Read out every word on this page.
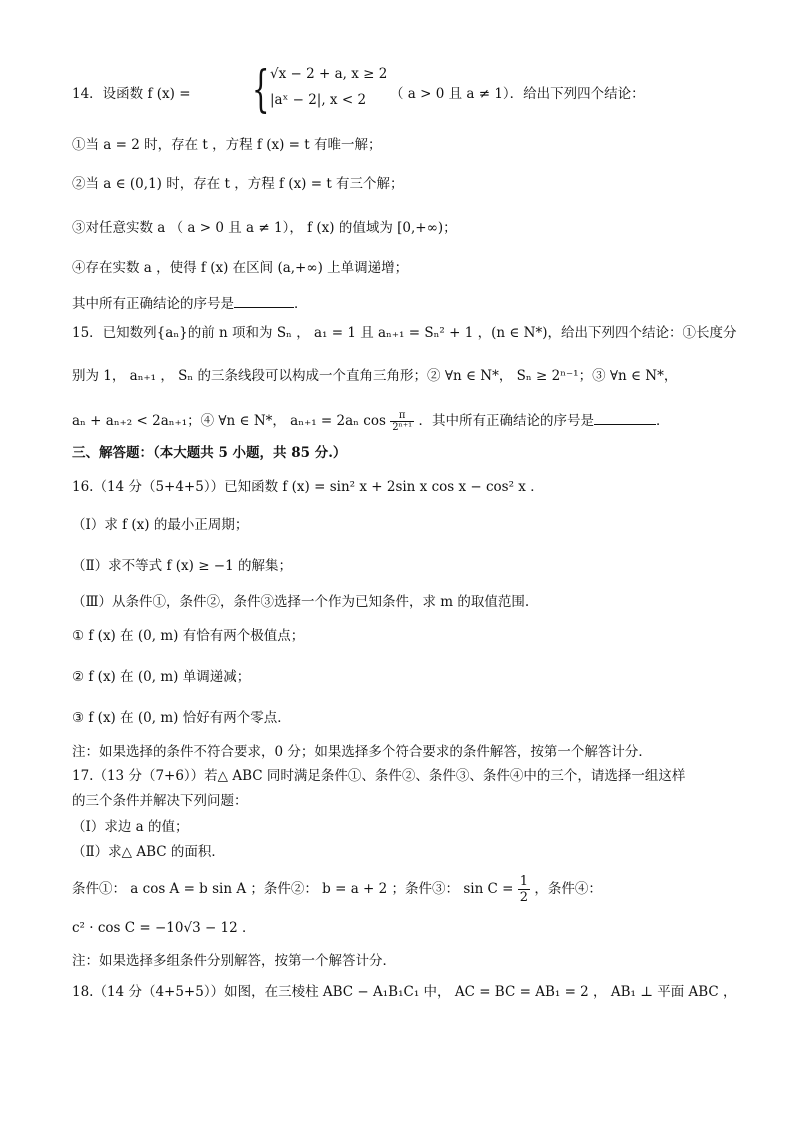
14．设函数 f (x) = { √x − 2 + a, x ≥ 2
|aˣ − 2|, x < 2 （ a > 0 且 a ≠ 1）．给出下列四个结论：
①当 a = 2 时，存在 t ，方程 f (x) = t 有唯一解；
②当 a ∈ (0,1) 时，存在 t ，方程 f (x) = t 有三个解；
③对任意实数 a （ a > 0 且 a ≠ 1）， f (x) 的值域为 [0,+∞)；
④存在实数 a ，使得 f (x) 在区间 (a,+∞) 上单调递增；
其中所有正确结论的序号是	．
15．已知数列{aₙ}的前 n 项和为 Sₙ ， a₁ = 1 且 aₙ₊₁ = Sₙ² + 1 ，(n ∈ N*)，给出下列四个结论：①长度分
别为 1， aₙ₊₁ ， Sₙ 的三条线段可以构成一个直角三角形；② ∀n ∈ N*， Sₙ ≥ 2ⁿ⁻¹；③ ∀n ∈ N*，
aₙ + aₙ₊₂ < 2aₙ₊₁；④ ∀n ∈ N*， aₙ₊₁ = 2aₙ $\cos \frac{\pi}{\text{2ⁿ⁺¹}}$ ．其中所有正确结论的序号是	．
三、解答题：（本大题共 5 小题，共 85 分.）
16.（14 分（5+4+5））已知函数 f (x) = sin² x + 2sin x cos x − cos² x ．
（Ⅰ）求 f (x) 的最小正周期；
（Ⅱ）求不等式 f (x) ≥ −1 的解集；
（Ⅲ）从条件①，条件②，条件③选择一个作为已知条件，求 m 的取值范围.
① f (x) 在 (0, m) 有恰有两个极值点；
② f (x) 在 (0, m) 单调递减；
③ f (x) 在 (0, m) 恰好有两个零点．
注：如果选择的条件不符合要求，0 分；如果选择多个符合要求的条件解答，按第一个解答计分．
17.（13 分（7+6））若△ ABC 同时满足条件①、条件②、条件③、条件④中的三个，请选择一组这样
的三个条件并解决下列问题：
（Ⅰ）求边 a 的值；
（Ⅱ）求△ ABC 的面积．
条件①： a cos A = b sin A ；条件②： b = a + 2 ；条件③： $\sin C = \frac{1}{2}$ ，条件④：
c² · cos C = −10√3 − 12 ．
注：如果选择多组条件分别解答，按第一个解答计分．
18.（14 分（4+5+5））如图，在三棱柱 ABC − A₁B₁C₁ 中， AC = BC = AB₁ = 2 ， AB₁ ⊥ 平面 ABC ，
